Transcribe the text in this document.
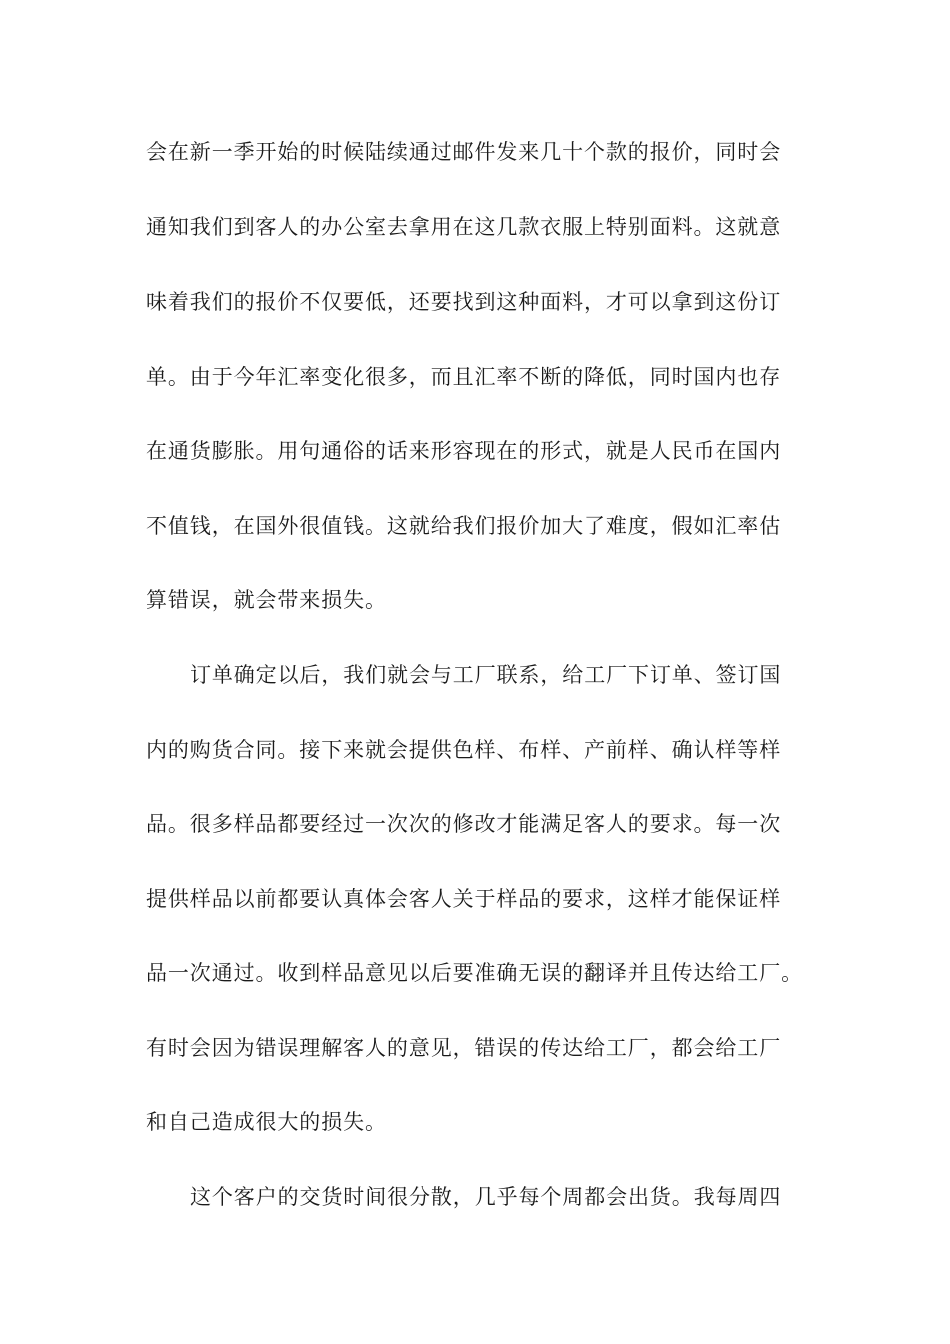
会在新一季开始的时候陆续通过邮件发来几十个款的报价，同时会
通知我们到客人的办公室去拿用在这几款衣服上特别面料。这就意
味着我们的报价不仅要低，还要找到这种面料，才可以拿到这份订
单。由于今年汇率变化很多，而且汇率不断的降低，同时国内也存
在通货膨胀。用句通俗的话来形容现在的形式，就是人民币在国内
不值钱，在国外很值钱。这就给我们报价加大了难度，假如汇率估
算错误，就会带来损失。
订单确定以后，我们就会与工厂联系，给工厂下订单、签订国
内的购货合同。接下来就会提供色样、布样、产前样、确认样等样
品。很多样品都要经过一次次的修改才能满足客人的要求。每一次
提供样品以前都要认真体会客人关于样品的要求，这样才能保证样
品一次通过。收到样品意见以后要准确无误的翻译并且传达给工厂。
有时会因为错误理解客人的意见，错误的传达给工厂，都会给工厂
和自己造成很大的损失。
这个客户的交货时间很分散，几乎每个周都会出货。我每周四
